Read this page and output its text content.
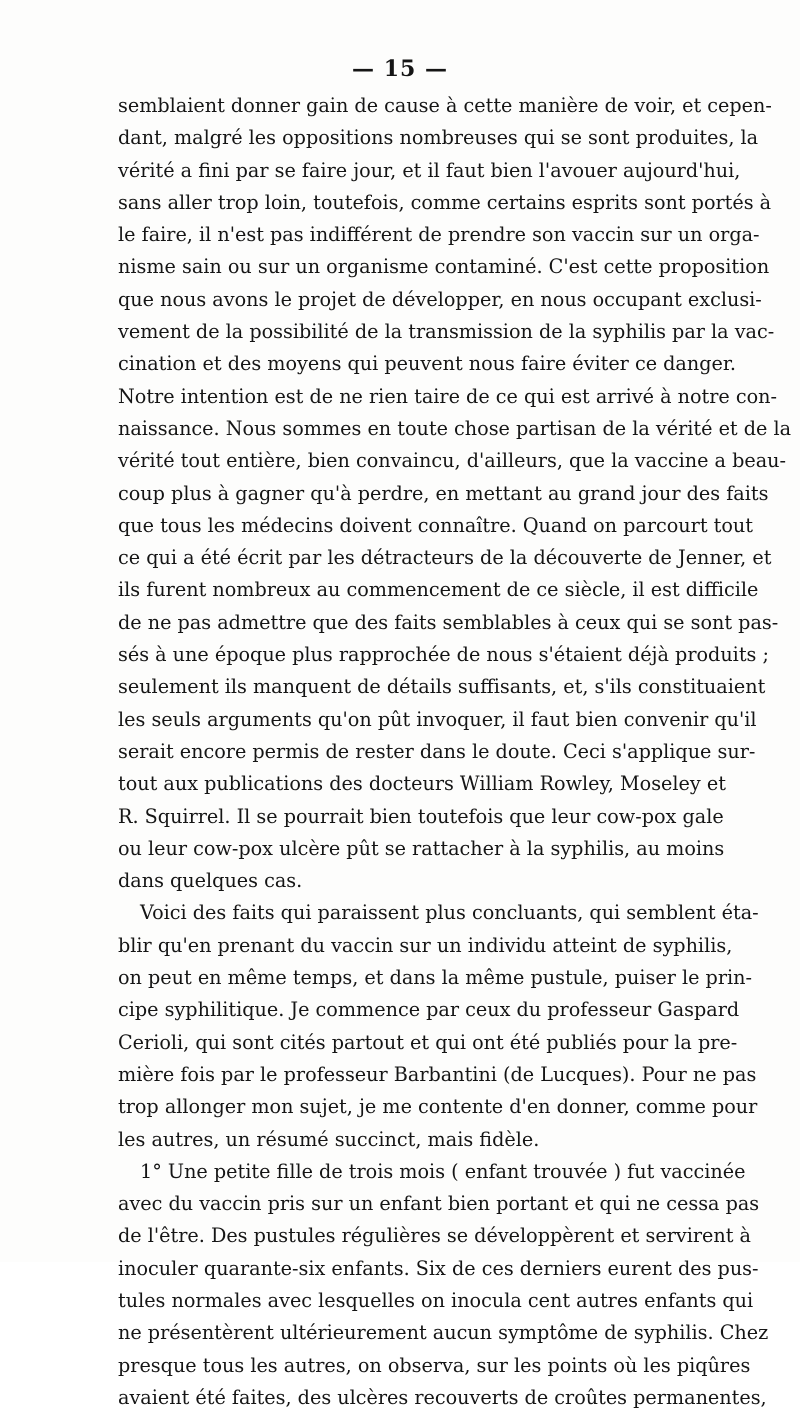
— 15 —
semblaient donner gain de cause à cette manière de voir, et cepen-
dant, malgré les oppositions nombreuses qui se sont produites, la
vérité a fini par se faire jour, et il faut bien l'avouer aujourd'hui,
sans aller trop loin, toutefois, comme certains esprits sont portés à
le faire, il n'est pas indifférent de prendre son vaccin sur un orga-
nisme sain ou sur un organisme contaminé. C'est cette proposition
que nous avons le projet de développer, en nous occupant exclusi-
vement de la possibilité de la transmission de la syphilis par la vac-
cination et des moyens qui peuvent nous faire éviter ce danger.
Notre intention est de ne rien taire de ce qui est arrivé à notre con-
naissance. Nous sommes en toute chose partisan de la vérité et de la
vérité tout entière, bien convaincu, d'ailleurs, que la vaccine a beau-
coup plus à gagner qu'à perdre, en mettant au grand jour des faits
que tous les médecins doivent connaître. Quand on parcourt tout
ce qui a été écrit par les détracteurs de la découverte de Jenner, et
ils furent nombreux au commencement de ce siècle, il est difficile
de ne pas admettre que des faits semblables à ceux qui se sont pas-
sés à une époque plus rapprochée de nous s'étaient déjà produits ;
seulement ils manquent de détails suffisants, et, s'ils constituaient
les seuls arguments qu'on pût invoquer, il faut bien convenir qu'il
serait encore permis de rester dans le doute. Ceci s'applique sur-
tout aux publications des docteurs William Rowley, Moseley et
R. Squirrel. Il se pourrait bien toutefois que leur cow-pox gale
ou leur cow-pox ulcère pût se rattacher à la syphilis, au moins
dans quelques cas.
Voici des faits qui paraissent plus concluants, qui semblent éta-
blir qu'en prenant du vaccin sur un individu atteint de syphilis,
on peut en même temps, et dans la même pustule, puiser le prin-
cipe syphilitique. Je commence par ceux du professeur Gaspard
Cerioli, qui sont cités partout et qui ont été publiés pour la pre-
mière fois par le professeur Barbantini (de Lucques). Pour ne pas
trop allonger mon sujet, je me contente d'en donner, comme pour
les autres, un résumé succinct, mais fidèle.
1° Une petite fille de trois mois ( enfant trouvée ) fut vaccinée
avec du vaccin pris sur un enfant bien portant et qui ne cessa pas
de l'être. Des pustules régulières se développèrent et servirent à
inoculer quarante-six enfants. Six de ces derniers eurent des pus-
tules normales avec lesquelles on inocula cent autres enfants qui
ne présentèrent ultérieurement aucun symptôme de syphilis. Chez
presque tous les autres, on observa, sur les points où les piqûres
avaient été faites, des ulcères recouverts de croûtes permanentes,
